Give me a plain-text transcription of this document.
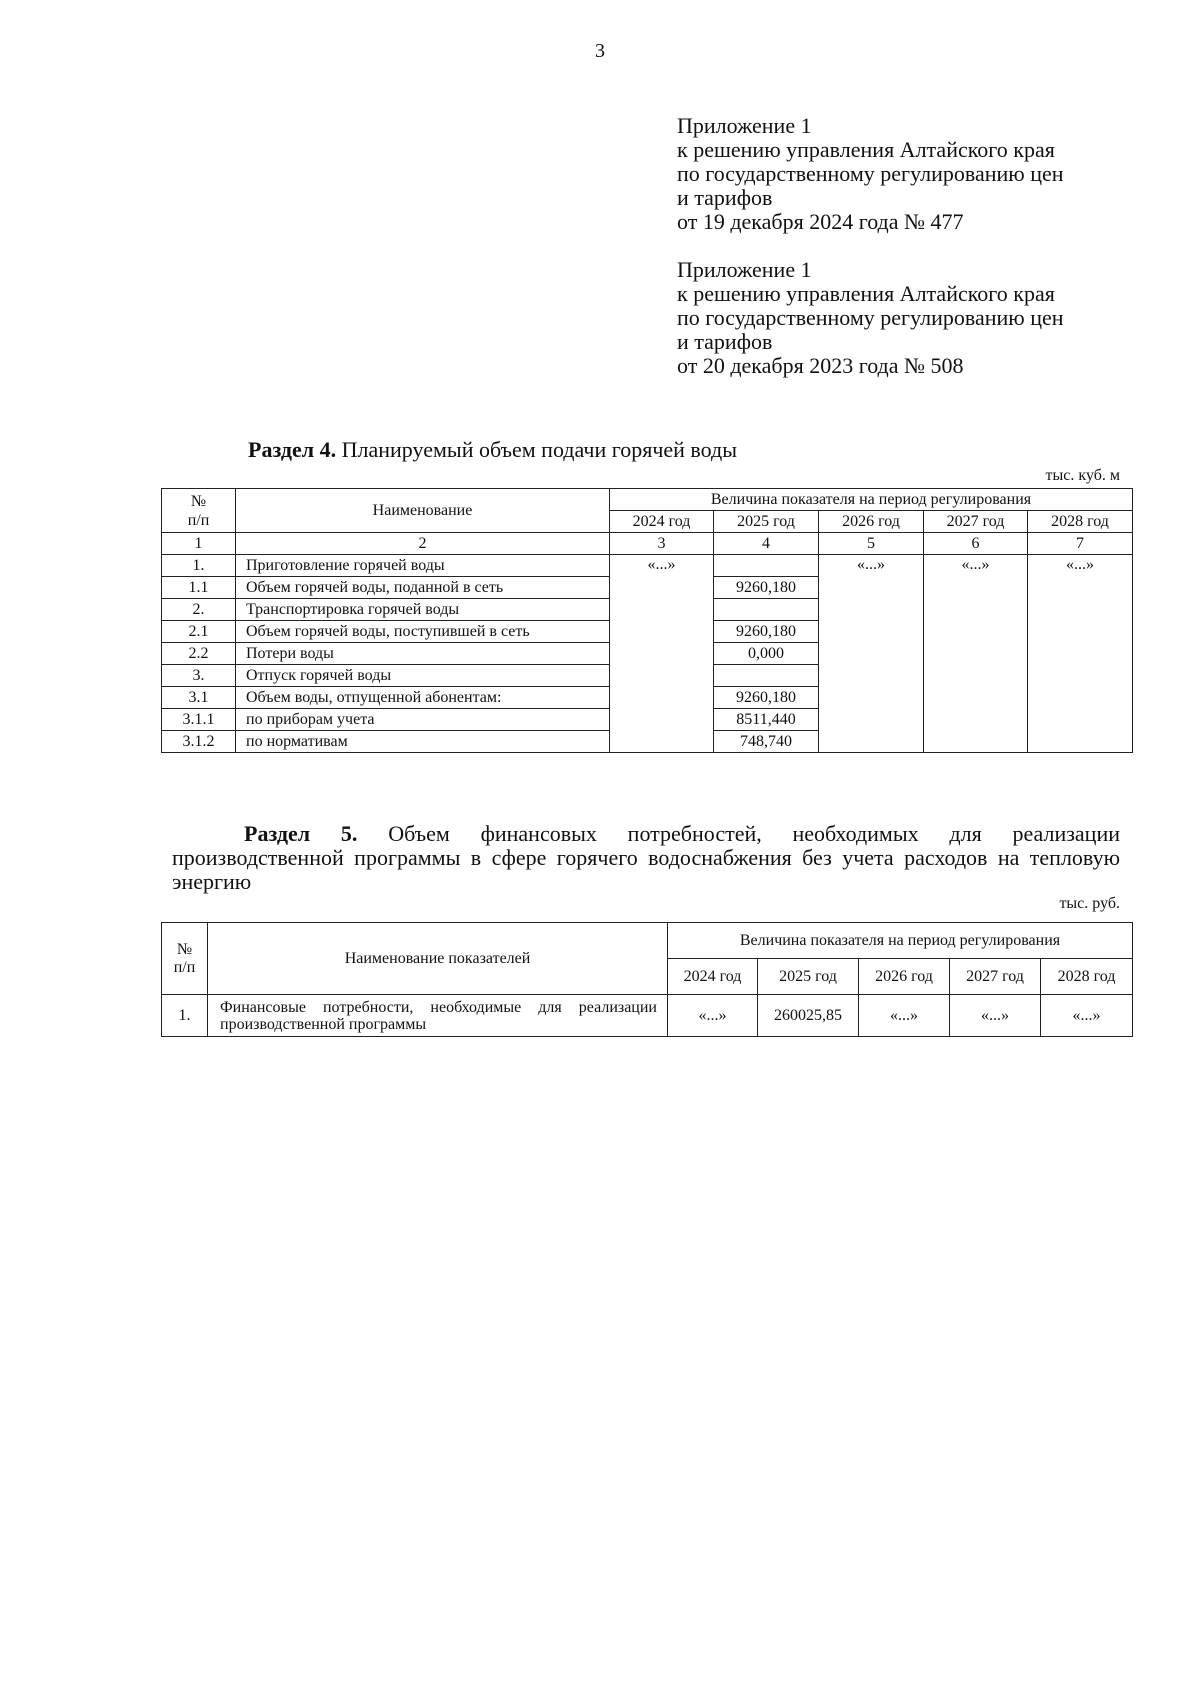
3
Приложение 1
к решению управления Алтайского края
по государственному регулированию цен
и тарифов
от 19 декабря 2024 года № 477
Приложение 1
к решению управления Алтайского края
по государственному регулированию цен
и тарифов
от 20 декабря 2023 года № 508
Раздел 4. Планируемый объем подачи горячей воды
тыс. куб. м
№
п/п	Наименование	Величина показателя на период регулирования				
		2024 год	2025 год	2026 год	2027 год	2028 год
1	2	3	4	5	6	7
1.	Приготовление горячей воды	«...»		«...»	«...»	«...»
1.1	Объем горячей воды, поданной в сеть		9260,180			
2.	Транспортировка горячей воды					
2.1	Объем горячей воды, поступившей в сеть		9260,180			
2.2	Потери воды		0,000			
3.	Отпуск горячей воды					
3.1	Объем воды, отпущенной абонентам:		9260,180			
3.1.1	по приборам учета		8511,440			
3.1.2	по нормативам		748,740			
Раздел 5. Объем финансовых потребностей, необходимых для реализации производственной программы в сфере горячего водоснабжения без учета расходов на тепловую энергию
тыс. руб.
№
п/п	Наименование показателей	Величина показателя на период регулирования				
		2024 год	2025 год	2026 год	2027 год	2028 год
1.	Финансовые потребности, необходимые для реализации производственной программы	«...»	260025,85	«...»	«...»	«...»
